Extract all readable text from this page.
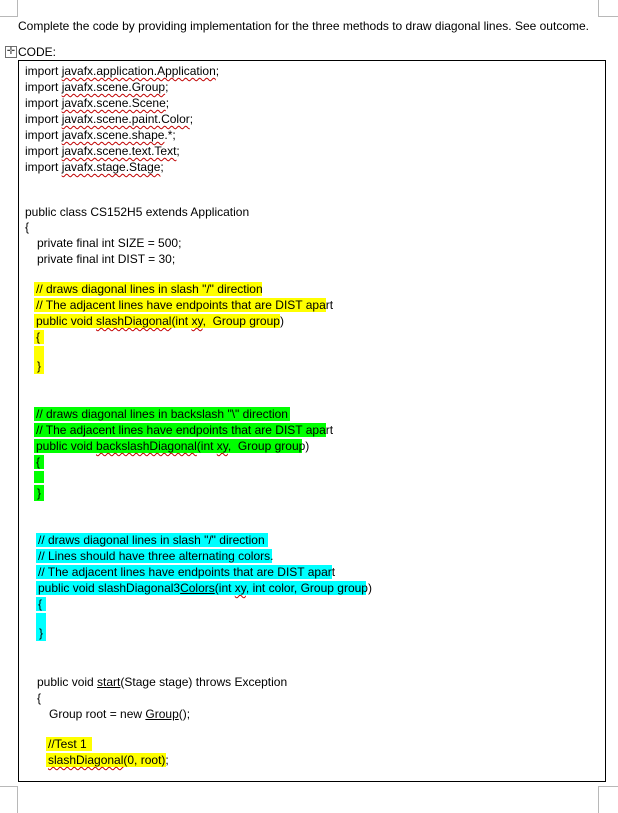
Complete the code by providing implementation for the three methods to draw diagonal lines. See outcome.
✛ CODE:
import javafx.application.Application;
import javafx.scene.Group;
import javafx.scene.Scene;
import javafx.scene.paint.Color;
import javafx.scene.shape.*;
import javafx.scene.text.Text;
import javafx.stage.Stage;
public class CS152H5 extends Application
{
private final int SIZE = 500;
private final int DIST = 30;
// draws diagonal lines in slash "/" direction
// The adjacent lines have endpoints that are DIST apart
public void slashDiagonal(int xy,  Group group)
{
}
// draws diagonal lines in backslash "\" direction
// The adjacent lines have endpoints that are DIST apart
public void backslashDiagonal(int xy,  Group group)
{
}
// draws diagonal lines in slash "/" direction
// Lines should have three alternating colors.
// The adjacent lines have endpoints that are DIST apart
public void slashDiagonal3Colors(int xy, int color, Group group)
{
}
public void start(Stage stage) throws Exception
{
Group root = new Group();
//Test 1
slashDiagonal(0, root);
